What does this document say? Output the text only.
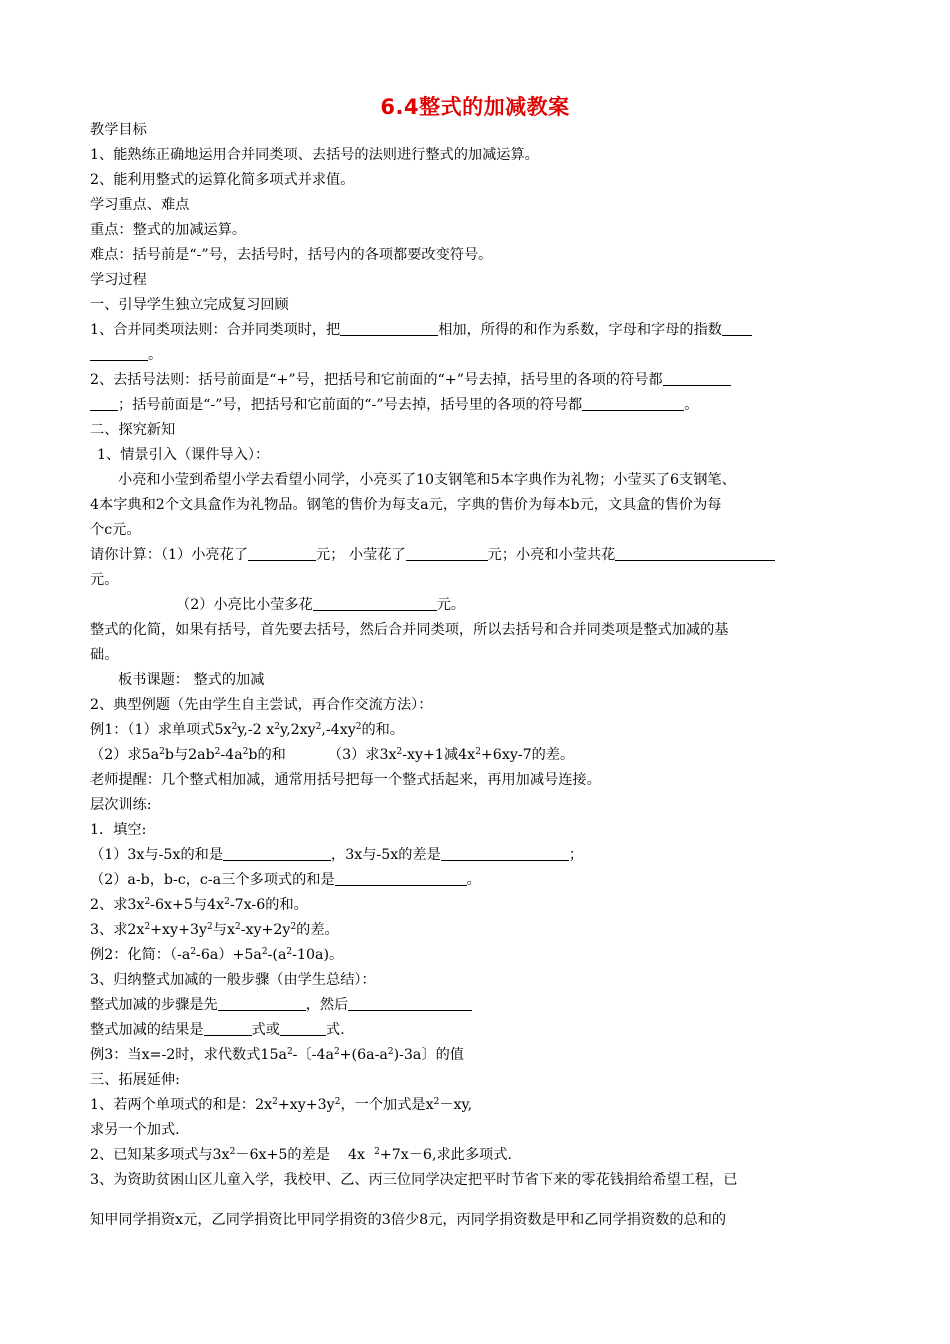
6.4整式的加减教案
教学目标
1、能熟练正确地运用合并同类项、去括号的法则进行整式的加减运算。
2、能利用整式的运算化简多项式并求值。
学习重点、难点
重点：整式的加减运算。
难点：括号前是“-”号，去括号时，括号内的各项都要改变符号。
学习过程
一、引导学生独立完成复习回顾
1、合并同类项法则：合并同类项时，把	相加，所得的和作为系数，字母和字母的指数
。
2、去括号法则：括号前面是“+”号，把括号和它前面的“+”号去掉，括号里的各项的符号都
；括号前面是“-”号，把括号和它前面的“-”号去掉，括号里的各项的符号都	。
二、探究新知
1、情景引入（课件导入）：
小亮和小莹到希望小学去看望小同学，小亮买了10支钢笔和5本字典作为礼物；小莹买了6支钢笔、
4本字典和2个文具盒作为礼物品。钢笔的售价为每支a元，字典的售价为每本b元，文具盒的售价为每
个c元。
请你计算：（1）小亮花了	元； 小莹花了	元；小亮和小莹共花
元。
（2）小亮比小莹多花	元。
整式的化简，如果有括号，首先要去括号，然后合并同类项，所以去括号和合并同类项是整式加减的基
础。
板书课题： 整式的加减
2、典型例题（先由学生自主尝试，再合作交流方法）：
例1：（1）求单项式$5x^2y,-2$ $x^2y,2xy^2,-4xy^2$的和。
（2）求$5a^2b$与$2ab^2-4a^2b$的和	（3）求$3x^2-xy+1$减$4x^2+6xy-7$的差。
老师提醒：几个整式相加减，通常用括号把每一个整式括起来，再用加减号连接。
层次训练:
1．填空:
（1）3x与-5x的和是	，3x与-5x的差是	；
（2）a-b，b-c，c-a三个多项式的和是	。
2、求$3x^2-6x+5$与$4x^2-7x-6$的和。
3、求$2x^2+xy+3y^2$与$x^2-xy+2y^2$的差。
例2：化简：$(-a^2-6a)+5a^2-(a^2-10a)$。
3、归纳整式加减的一般步骤（由学生总结）：
整式加减的步骤是先	，然后
整式加减的结果是	式或	式.
例3：当x=-2时，求代数式$15a^2-$〔$-4a^2+(6a-a^2)-3a$〕的值
三、拓展延伸:
1、若两个单项式的和是：$2x^2+xy+3y^2$，一个加式是$x^2-xy$,
求另一个加式.
2、已知某多项式与$3x^2-6x+5$的差是    4x  $^2$+7x－6,求此多项式.
3、为资助贫困山区儿童入学，我校甲、乙、丙三位同学决定把平时节省下来的零花钱捐给希望工程，已
知甲同学捐资x元，乙同学捐资比甲同学捐资的3倍少8元，丙同学捐资数是甲和乙同学捐资数的总和的
